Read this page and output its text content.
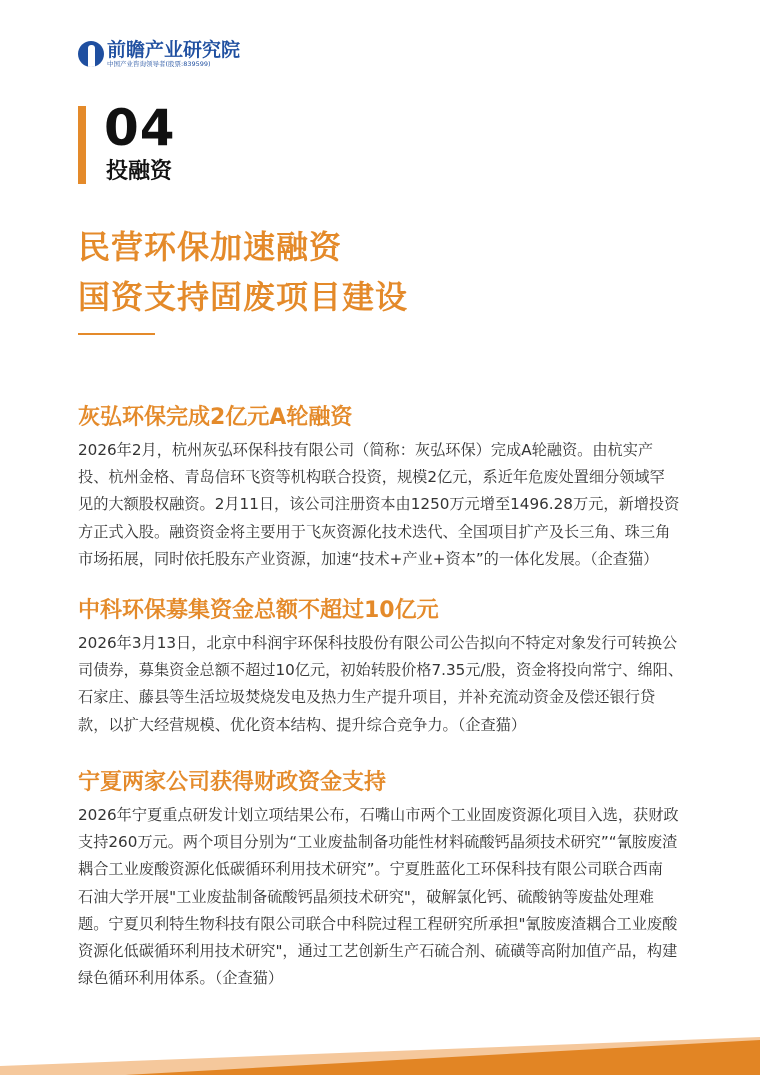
前瞻产业研究院
中国产业咨询领导者(股票:839599)
04
投融资
民营环保加速融资
国资支持固废项目建设
灰弘环保完成2亿元A轮融资
2026年2月，杭州灰弘环保科技有限公司（简称：灰弘环保）完成A轮融资。由杭实产
投、杭州金格、青岛信环飞资等机构联合投资，规模2亿元，系近年危废处置细分领域罕
见的大额股权融资。2月11日，该公司注册资本由1250万元增至1496.28万元，新增投资
方正式入股。融资资金将主要用于飞灰资源化技术迭代、全国项目扩产及长三角、珠三角
市场拓展，同时依托股东产业资源，加速“技术+产业+资本”的一体化发展。（企查猫）
中科环保募集资金总额不超过10亿元
2026年3月13日，北京中科润宇环保科技股份有限公司公告拟向不特定对象发行可转换公
司债券，募集资金总额不超过10亿元，初始转股价格7.35元/股，资金将投向常宁、绵阳、
石家庄、藤县等生活垃圾焚烧发电及热力生产提升项目，并补充流动资金及偿还银行贷
款，以扩大经营规模、优化资本结构、提升综合竞争力。（企查猫）
宁夏两家公司获得财政资金支持
2026年宁夏重点研发计划立项结果公布，石嘴山市两个工业固废资源化项目入选，获财政
支持260万元。两个项目分别为“工业废盐制备功能性材料硫酸钙晶须技术研究”“氰胺废渣
耦合工业废酸资源化低碳循环利用技术研究”。宁夏胜蓝化工环保科技有限公司联合西南
石油大学开展"工业废盐制备硫酸钙晶须技术研究"，破解氯化钙、硫酸钠等废盐处理难
题。宁夏贝利特生物科技有限公司联合中科院过程工程研究所承担"氰胺废渣耦合工业废酸
资源化低碳循环利用技术研究"，通过工艺创新生产石硫合剂、硫磺等高附加值产品，构建
绿色循环利用体系。（企查猫）
